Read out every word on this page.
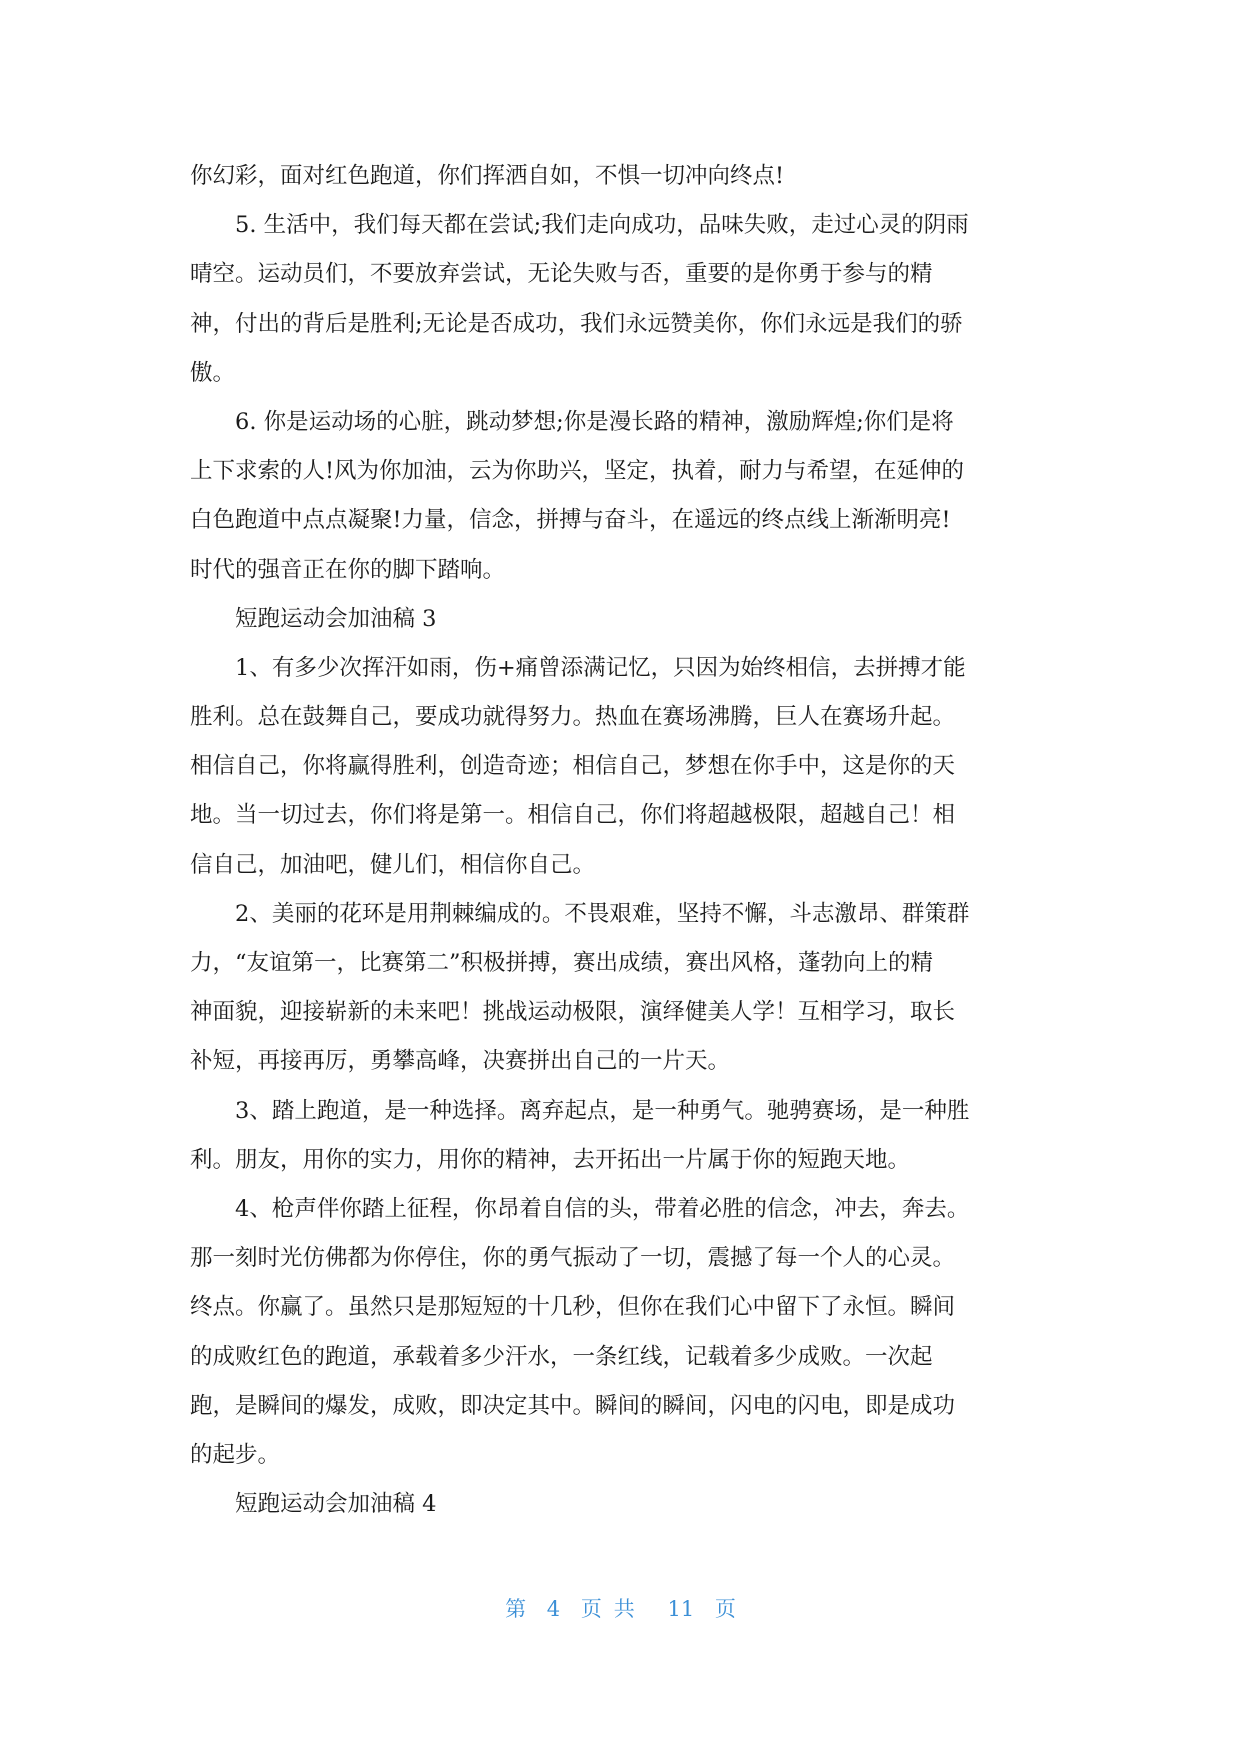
你幻彩，面对红色跑道，你们挥洒自如，不惧一切冲向终点!
　　5. 生活中，我们每天都在尝试;我们走向成功，品味失败，走过心灵的阴雨
晴空。运动员们，不要放弃尝试，无论失败与否，重要的是你勇于参与的精
神，付出的背后是胜利;无论是否成功，我们永远赞美你，你们永远是我们的骄
傲。
　　6. 你是运动场的心脏，跳动梦想;你是漫长路的精神，激励辉煌;你们是将
上下求索的人!风为你加油，云为你助兴，坚定，执着，耐力与希望，在延伸的
白色跑道中点点凝聚!力量，信念，拼搏与奋斗，在遥远的终点线上渐渐明亮!
时代的强音正在你的脚下踏响。
　　短跑运动会加油稿 3
　　1、有多少次挥汗如雨，伤+痛曾添满记忆，只因为始终相信，去拼搏才能
胜利。总在鼓舞自己，要成功就得努力。热血在赛场沸腾，巨人在赛场升起。
相信自己，你将赢得胜利，创造奇迹；相信自己，梦想在你手中，这是你的天
地。当一切过去，你们将是第一。相信自己，你们将超越极限，超越自己！相
信自己，加油吧，健儿们，相信你自己。
　　2、美丽的花环是用荆棘编成的。不畏艰难，坚持不懈，斗志激昂、群策群
力，“友谊第一，比赛第二”积极拼搏，赛出成绩，赛出风格，蓬勃向上的精
神面貌，迎接崭新的未来吧！挑战运动极限，演绎健美人学！互相学习，取长
补短，再接再厉，勇攀高峰，决赛拼出自己的一片天。
　　3、踏上跑道，是一种选择。离弃起点，是一种勇气。驰骋赛场，是一种胜
利。朋友，用你的实力，用你的精神，去开拓出一片属于你的短跑天地。
　　4、枪声伴你踏上征程，你昂着自信的头，带着必胜的信念，冲去，奔去。
那一刻时光仿佛都为你停住，你的勇气振动了一切，震撼了每一个人的心灵。
终点。你赢了。虽然只是那短短的十几秒，但你在我们心中留下了永恒。瞬间
的成败红色的跑道，承载着多少汗水，一条红线，记载着多少成败。一次起
跑，是瞬间的爆发，成败，即决定其中。瞬间的瞬间，闪电的闪电，即是成功
的起步。
　　短跑运动会加油稿 4
第 4 页共 11 页
